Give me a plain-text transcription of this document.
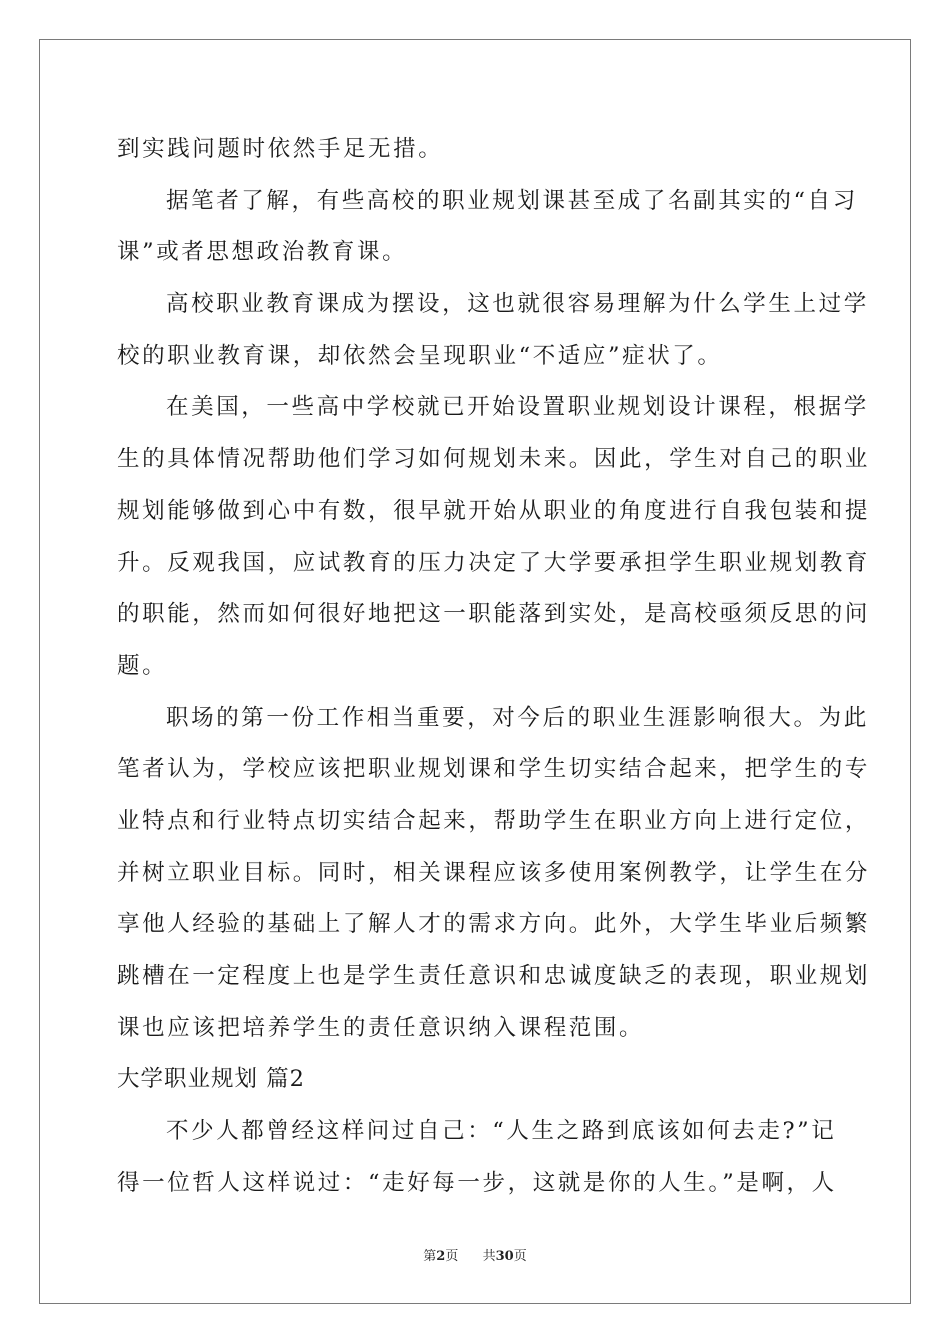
到实践问题时依然手足无措。
据笔者了解，有些高校的职业规划课甚至成了名副其实的“自习
课”或者思想政治教育课。
高校职业教育课成为摆设，这也就很容易理解为什么学生上过学
校的职业教育课，却依然会呈现职业“不适应”症状了。
在美国，一些高中学校就已开始设置职业规划设计课程，根据学
生的具体情况帮助他们学习如何规划未来。因此，学生对自己的职业
规划能够做到心中有数，很早就开始从职业的角度进行自我包装和提
升。反观我国，应试教育的压力决定了大学要承担学生职业规划教育
的职能，然而如何很好地把这一职能落到实处，是高校亟须反思的问
题。
职场的第一份工作相当重要，对今后的职业生涯影响很大。为此
笔者认为，学校应该把职业规划课和学生切实结合起来，把学生的专
业特点和行业特点切实结合起来，帮助学生在职业方向上进行定位，
并树立职业目标。同时，相关课程应该多使用案例教学，让学生在分
享他人经验的基础上了解人才的需求方向。此外，大学生毕业后频繁
跳槽在一定程度上也是学生责任意识和忠诚度缺乏的表现，职业规划
课也应该把培养学生的责任意识纳入课程范围。
大学职业规划 篇2
不少人都曾经这样问过自己：“人生之路到底该如何去走?”记
得一位哲人这样说过：“走好每一步，这就是你的人生。”是啊，人
第2页 共30页
